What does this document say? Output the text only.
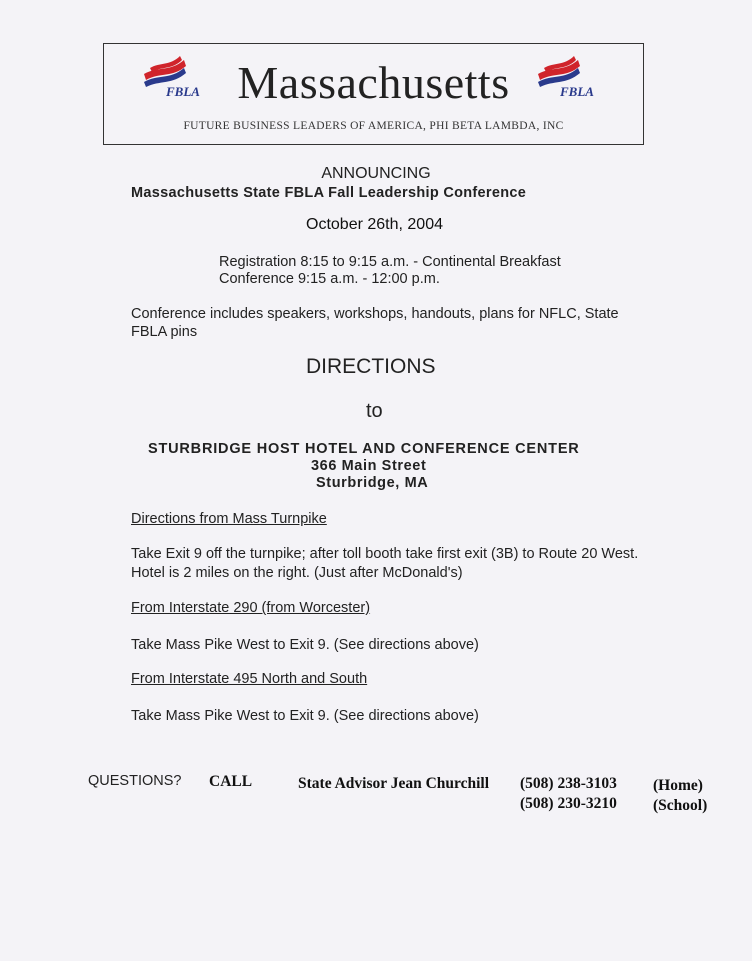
FBLA Massachusetts	FBLA
FUTURE BUSINESS LEADERS OF AMERICA, PHI BETA LAMBDA, INC
ANNOUNCING
Massachusetts State FBLA Fall Leadership Conference
October 26th, 2004
Registration 8:15 to 9:15 a.m. - Continental Breakfast
Conference 9:15 a.m. - 12:00 p.m.
Conference includes speakers, workshops, handouts, plans for NFLC, State
FBLA pins
DIRECTIONS
to
STURBRIDGE HOST HOTEL AND CONFERENCE CENTER
366 Main Street
Sturbridge, MA
Directions from Mass Turnpike
Take Exit 9 off the turnpike; after toll booth take first exit (3B) to Route 20 West.
Hotel is 2 miles on the right. (Just after McDonald's)
From Interstate 290 (from Worcester)
Take Mass Pike West to Exit 9. (See directions above)
From Interstate 495 North and South
Take Mass Pike West to Exit 9. (See directions above)
QUESTIONS? CALL	State Advisor Jean Churchill (508) 238-3103 (Home)
(508) 230-3210 (School)
